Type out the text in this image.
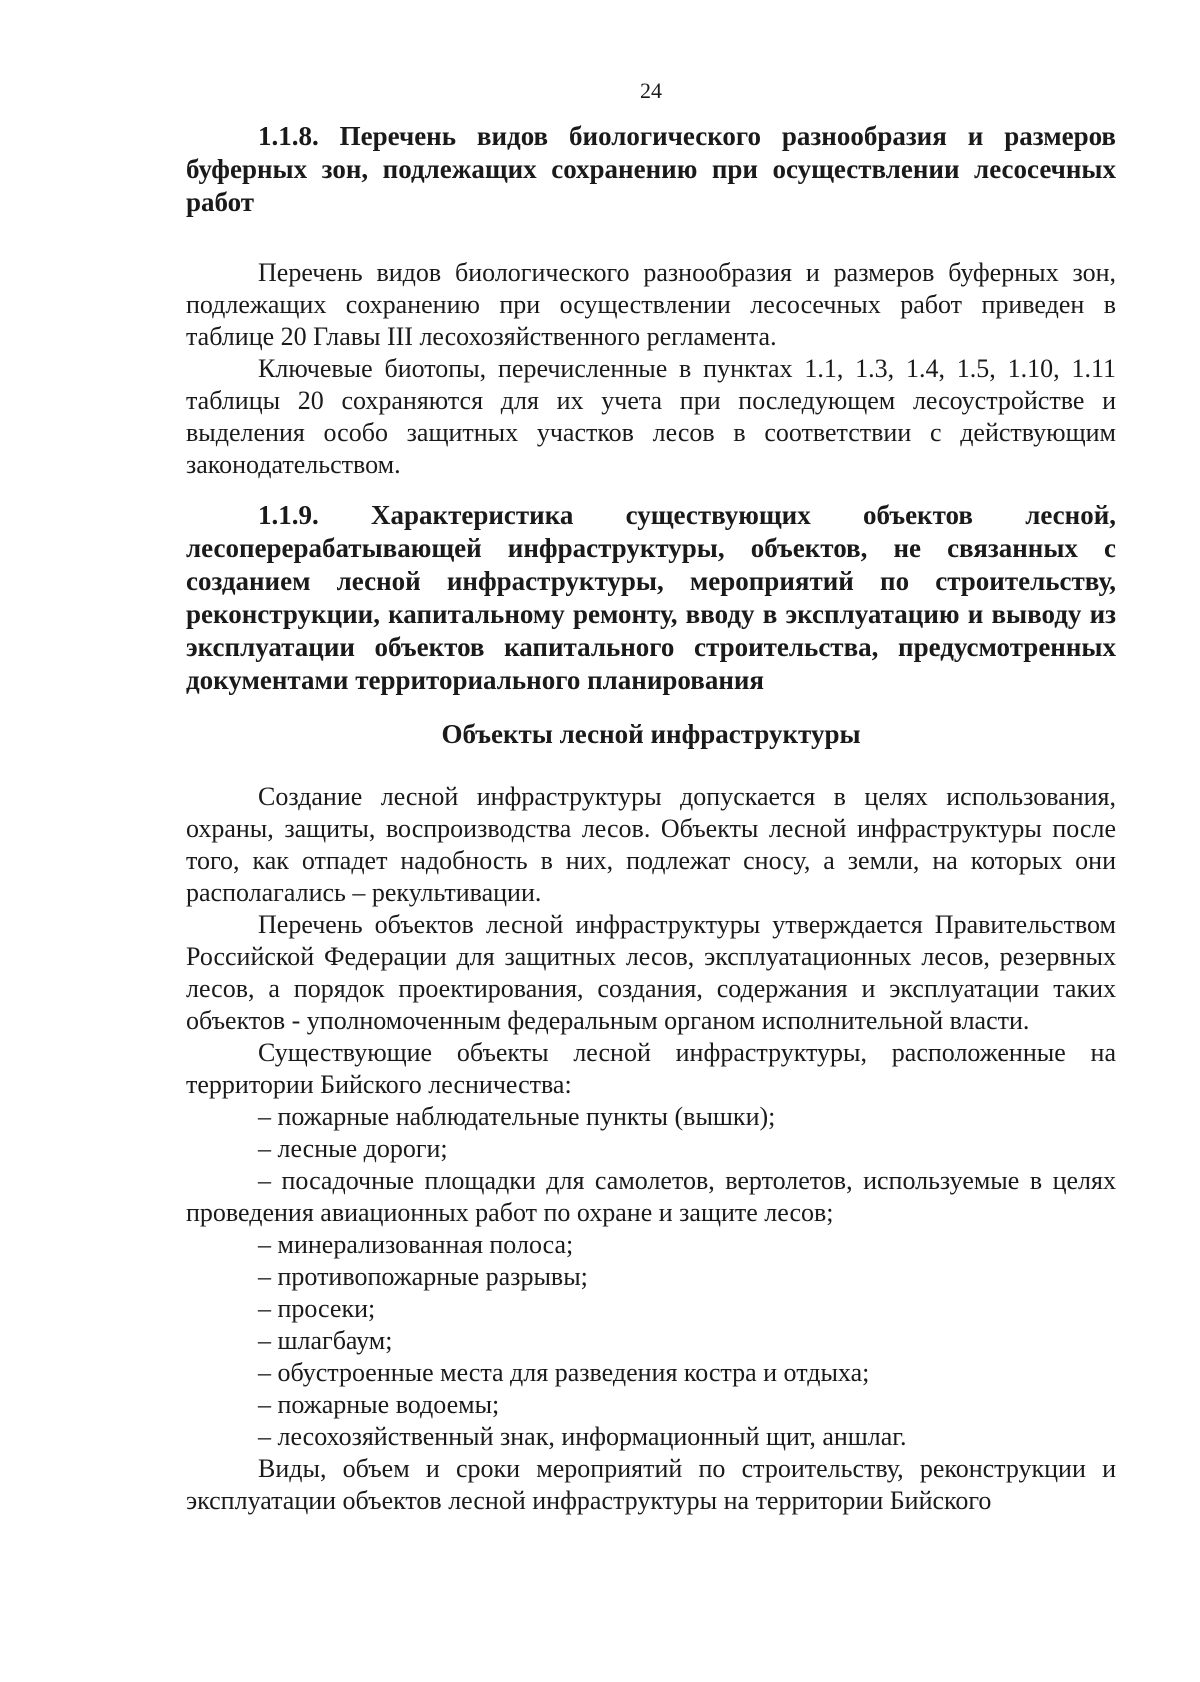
24
1.1.8. Перечень видов биологического разнообразия и размеров буферных зон, подлежащих сохранению при осуществлении лесосечных работ

Перечень видов биологического разнообразия и размеров буферных зон, подлежащих сохранению при осуществлении лесосечных работ приведен в таблице 20 Главы III лесохозяйственного регламента.

Ключевые биотопы, перечисленные в пунктах 1.1, 1.3, 1.4, 1.5, 1.10, 1.11 таблицы 20 сохраняются для их учета при последующем лесоустройстве и выделения особо защитных участков лесов в соответствии с действующим законодательством.

1.1.9. Характеристика существующих объектов лесной, лесоперерабатывающей инфраструктуры, объектов, не связанных с созданием лесной инфраструктуры, мероприятий по строительству, реконструкции, капитальному ремонту, вводу в эксплуатацию и выводу из эксплуатации объектов капитального строительства, предусмотренных документами территориального планирования
Объекты лесной инфраструктуры

Создание лесной инфраструктуры допускается в целях использования, охраны, защиты, воспроизводства лесов. Объекты лесной инфраструктуры после того, как отпадет надобность в них, подлежат сносу, а земли, на которых они располагались – рекультивации.

Перечень объектов лесной инфраструктуры утверждается Правительством Российской Федерации для защитных лесов, эксплуатационных лесов, резервных лесов, а порядок проектирования, создания, содержания и эксплуатации таких объектов - уполномоченным федеральным органом исполнительной власти.

Существующие объекты лесной инфраструктуры, расположенные на территории Бийского лесничества:

– пожарные наблюдательные пункты (вышки);
– лесные дороги;
– посадочные площадки для самолетов, вертолетов, используемые в целях проведения авиационных работ по охране и защите лесов;
– минерализованная полоса;
– противопожарные разрывы;
– просеки;
– шлагбаум;
– обустроенные места для разведения костра и отдыха;
– пожарные водоемы;
– лесохозяйственный знак, информационный щит, аншлаг.

Виды, объем и сроки мероприятий по строительству, реконструкции и эксплуатации объектов лесной инфраструктуры на территории Бийского
